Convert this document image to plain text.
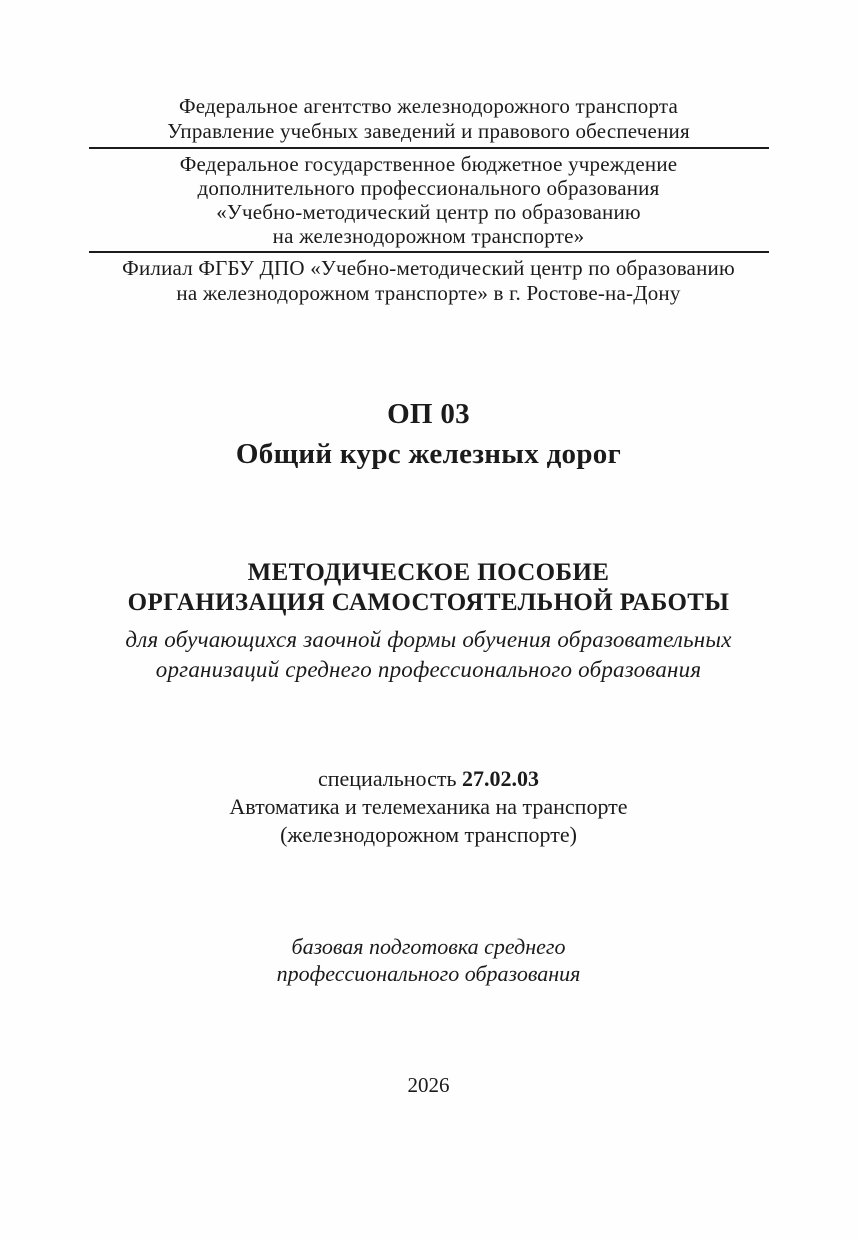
Федеральное агентство железнодорожного транспорта
Управление учебных заведений и правового обеспечения
Федеральное государственное бюджетное учреждение
дополнительного профессионального образования
«Учебно-методический центр по образованию
на железнодорожном транспорте»
Филиал ФГБУ ДПО «Учебно-методический центр по образованию
на железнодорожном транспорте» в г. Ростове-на-Дону
ОП 03
Общий курс железных дорог
МЕТОДИЧЕСКОЕ ПОСОБИЕ
ОРГАНИЗАЦИЯ САМОСТОЯТЕЛЬНОЙ РАБОТЫ
для обучающихся заочной формы обучения образовательных
организаций среднего профессионального образования
специальность 27.02.03
Автоматика и телемеханика на транспорте
(железнодорожном транспорте)
базовая подготовка среднего
профессионального образования
2026
